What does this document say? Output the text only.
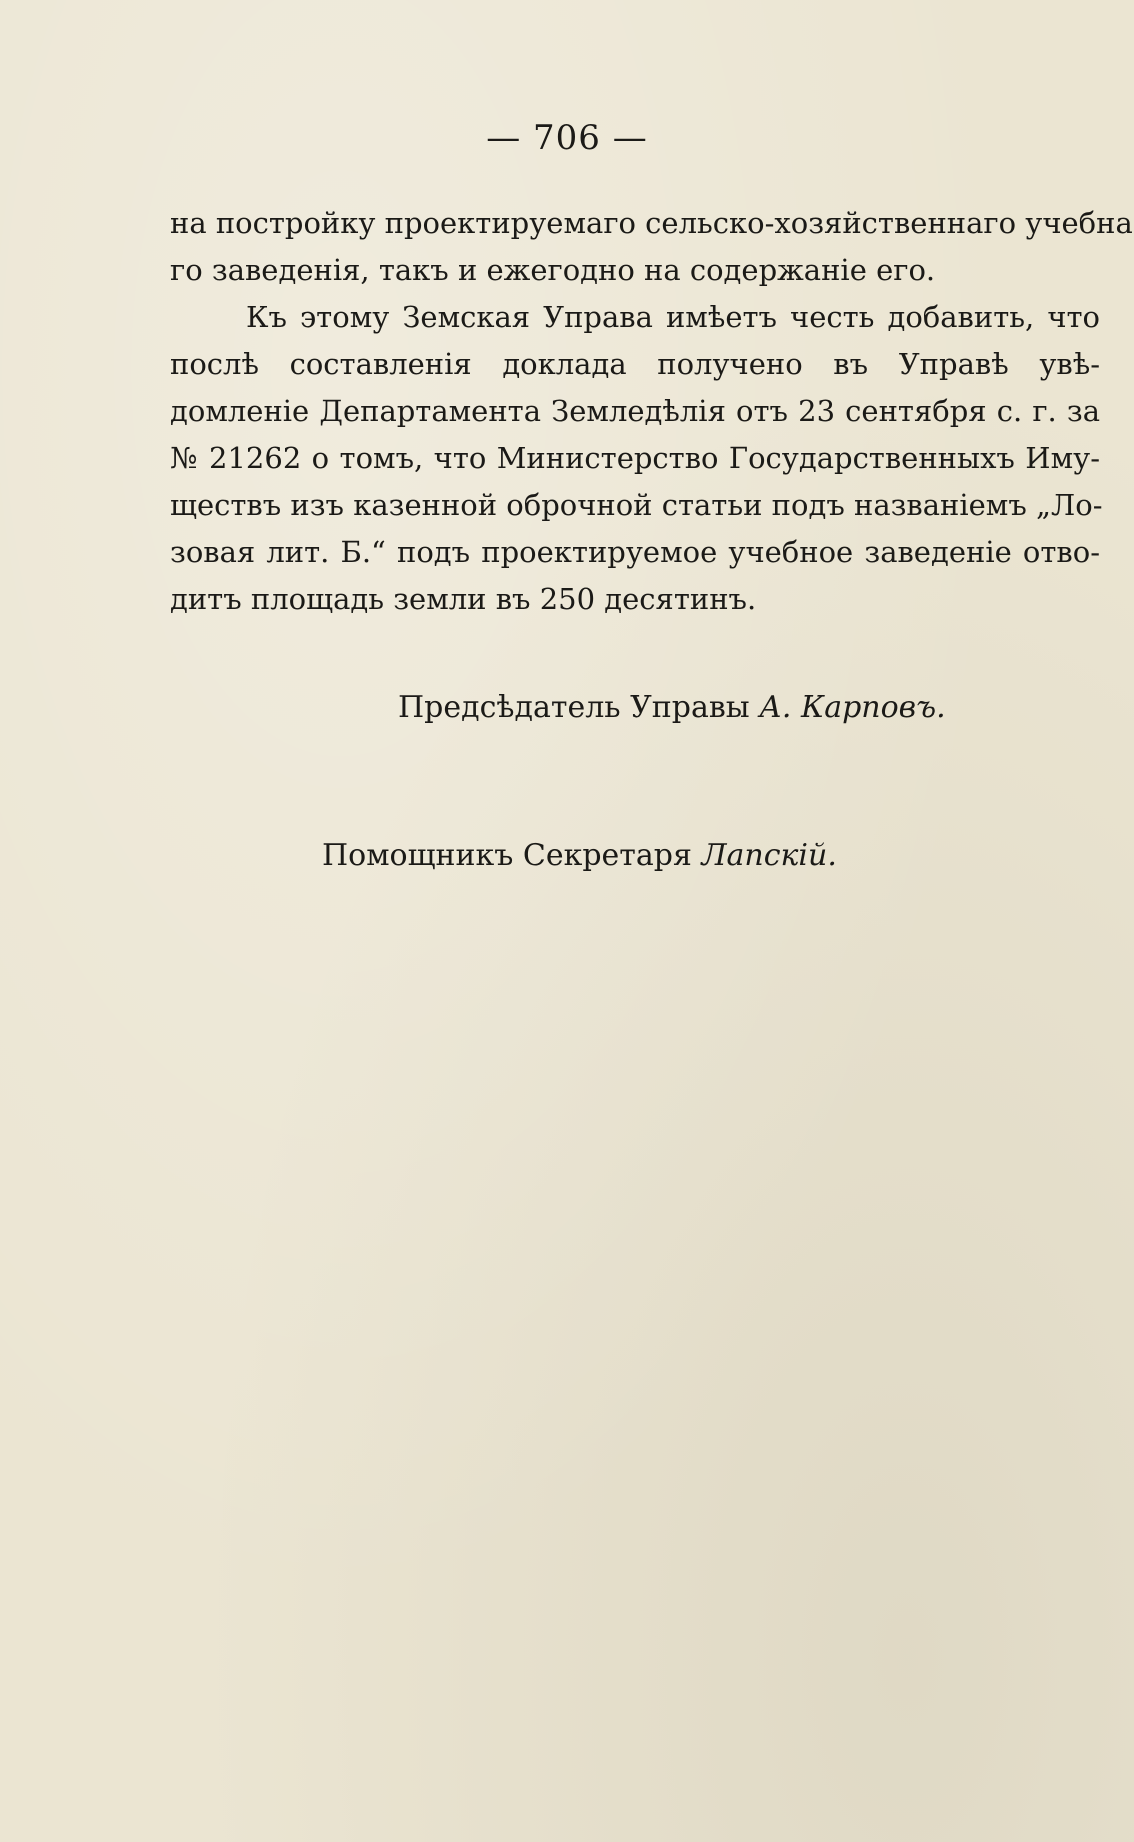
— 706 —
на постройку проектируемаго сельско-хозяйственнаго учебна
го заведенія, такъ и ежегодно на содержаніе его.
Къ этому Земская Управа имѣетъ честь добавить, что
послѣ составленія доклада получено въ Управѣ увѣ-
домленіе Департамента Земледѣлія отъ 23 сентября с. г. за
№ 21262 о томъ, что Министерство Государственныхъ Иму-
ществъ изъ казенной оброчной статьи подъ названіемъ „Ло-
зовая лит. Б.“ подъ проектируемое учебное заведеніе отво-
дитъ площадь земли въ 250 десятинъ.
Предсѣдатель Управы А. Карповъ.
Помощникъ Секретаря Лапскій.
